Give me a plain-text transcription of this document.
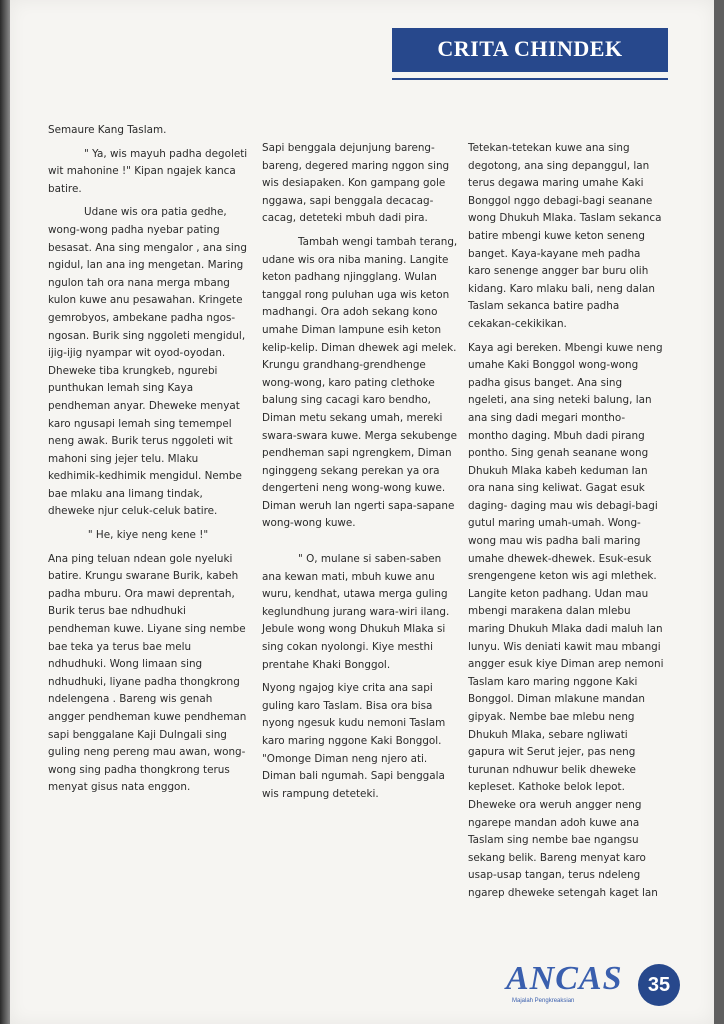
CRITA CHINDEK

Semaure Kang Taslam.

" Ya, wis mayuh padha degoleti wit mahonine !" Kipan ngajek kanca batire.

Udane wis ora patia gedhe, wong-wong padha nyebar pating besasat. Ana sing mengalor , ana sing ngidul, lan ana ing mengetan. Maring ngulon tah ora nana merga mbang kulon kuwe anu pesawahan. Kringete gemrobyos, ambekane padha ngos-ngosan. Burik sing nggoleti mengidul, ijig-ijig nyampar wit oyod-oyodan. Dheweke tiba krungkeb, ngurebi punthukan lemah sing Kaya pendheman anyar. Dheweke menyat karo ngusapi lemah sing temempel neng awak. Burik terus nggoleti wit mahoni sing jejer telu. Mlaku kedhimik-kedhimik mengidul. Nembe bae mlaku ana limang tindak, dheweke njur celuk-celuk batire.

" He, kiye neng kene !"

Ana ping teluan ndean gole nyeluki batire. Krungu swarane Burik, kabeh padha mburu. Ora mawi deprentah, Burik terus bae ndhudhuki pendheman kuwe. Liyane sing nembe bae teka ya terus bae melu ndhudhuki. Wong limaan sing ndhudhuki, liyane padha thongkrong ndelengena . Bareng wis genah angger pendheman kuwe pendheman sapi benggalane Kaji Dulngali sing guling neng pereng mau awan, wong-wong sing padha thongkrong terus menyat gisus nata enggon.

Sapi benggala dejunjung bareng-bareng, degered maring nggon sing wis desiapaken. Kon gampang gole nggawa, sapi benggala decacag-cacag, deteteki mbuh dadi pira.

Tambah wengi tambah terang, udane wis ora niba maning. Langite keton padhang njingglang. Wulan tanggal rong puluhan uga wis keton madhangi. Ora adoh sekang kono umahe Diman lampune esih keton kelip-kelip. Diman dhewek agi melek. Krungu grandhang-grendhenge wong-wong, karo pating clethoke balung sing cacagi karo bendho, Diman metu sekang umah, mereki swara-swara kuwe. Merga sekubenge pendheman sapi ngrengkem, Diman nginggeng sekang perekan ya ora dengerteni neng wong-wong kuwe. Diman weruh lan ngerti sapa-sapane wong-wong kuwe.

" O, mulane si saben-saben ana kewan mati, mbuh kuwe anu wuru, kendhat, utawa merga guling keglundhung jurang wara-wiri ilang. Jebule wong wong Dhukuh Mlaka si sing cokan nyolongi. Kiye mesthi prentahe Khaki Bonggol.

Nyong ngajog kiye crita ana sapi guling karo Taslam. Bisa ora bisa nyong ngesuk kudu nemoni Taslam karo maring nggone Kaki Bonggol. "Omonge Diman neng njero ati. Diman bali ngumah. Sapi benggala wis rampung deteteki.

Tetekan-tetekan kuwe ana sing degotong, ana sing depanggul, lan terus degawa maring umahe Kaki Bonggol nggo debagi-bagi seanane wong Dhukuh Mlaka. Taslam sekanca batire mbengi kuwe keton seneng banget. Kaya-kayane meh padha karo senenge angger bar buru olih kidang. Karo mlaku bali, neng dalan Taslam sekanca batire padha cekakan-cekikikan.

Kaya agi bereken. Mbengi kuwe neng umahe Kaki Bonggol wong-wong padha gisus banget. Ana sing ngeleti, ana sing neteki balung, lan ana sing dadi megari montho-montho daging. Mbuh dadi pirang pontho. Sing genah seanane wong Dhukuh Mlaka kabeh keduman lan ora nana sing keliwat. Gagat esuk daging- daging mau wis debagi-bagi gutul maring umah-umah. Wong-wong mau wis padha bali maring umahe dhewek-dhewek. Esuk-esuk srengengene keton wis agi mlethek. Langite keton padhang. Udan mau mbengi marakena dalan mlebu maring Dhukuh Mlaka dadi maluh lan lunyu. Wis deniati kawit mau mbangi angger esuk kiye Diman arep nemoni Taslam karo maring nggone Kaki Bonggol. Diman mlakune mandan gipyak. Nembe bae mlebu neng Dhukuh Mlaka, sebare ngliwati gapura wit Serut jejer, pas neng turunan ndhuwur belik dheweke kepleset. Kathoke belok lepot. Dheweke ora weruh angger neng ngarepe mandan adoh kuwe ana Taslam sing nembe bae ngangsu sekang belik. Bareng menyat karo usap-usap tangan, terus ndeleng ngarep dheweke setengah kaget lan

ANCAS
Majalah Pengkreaksian
35
